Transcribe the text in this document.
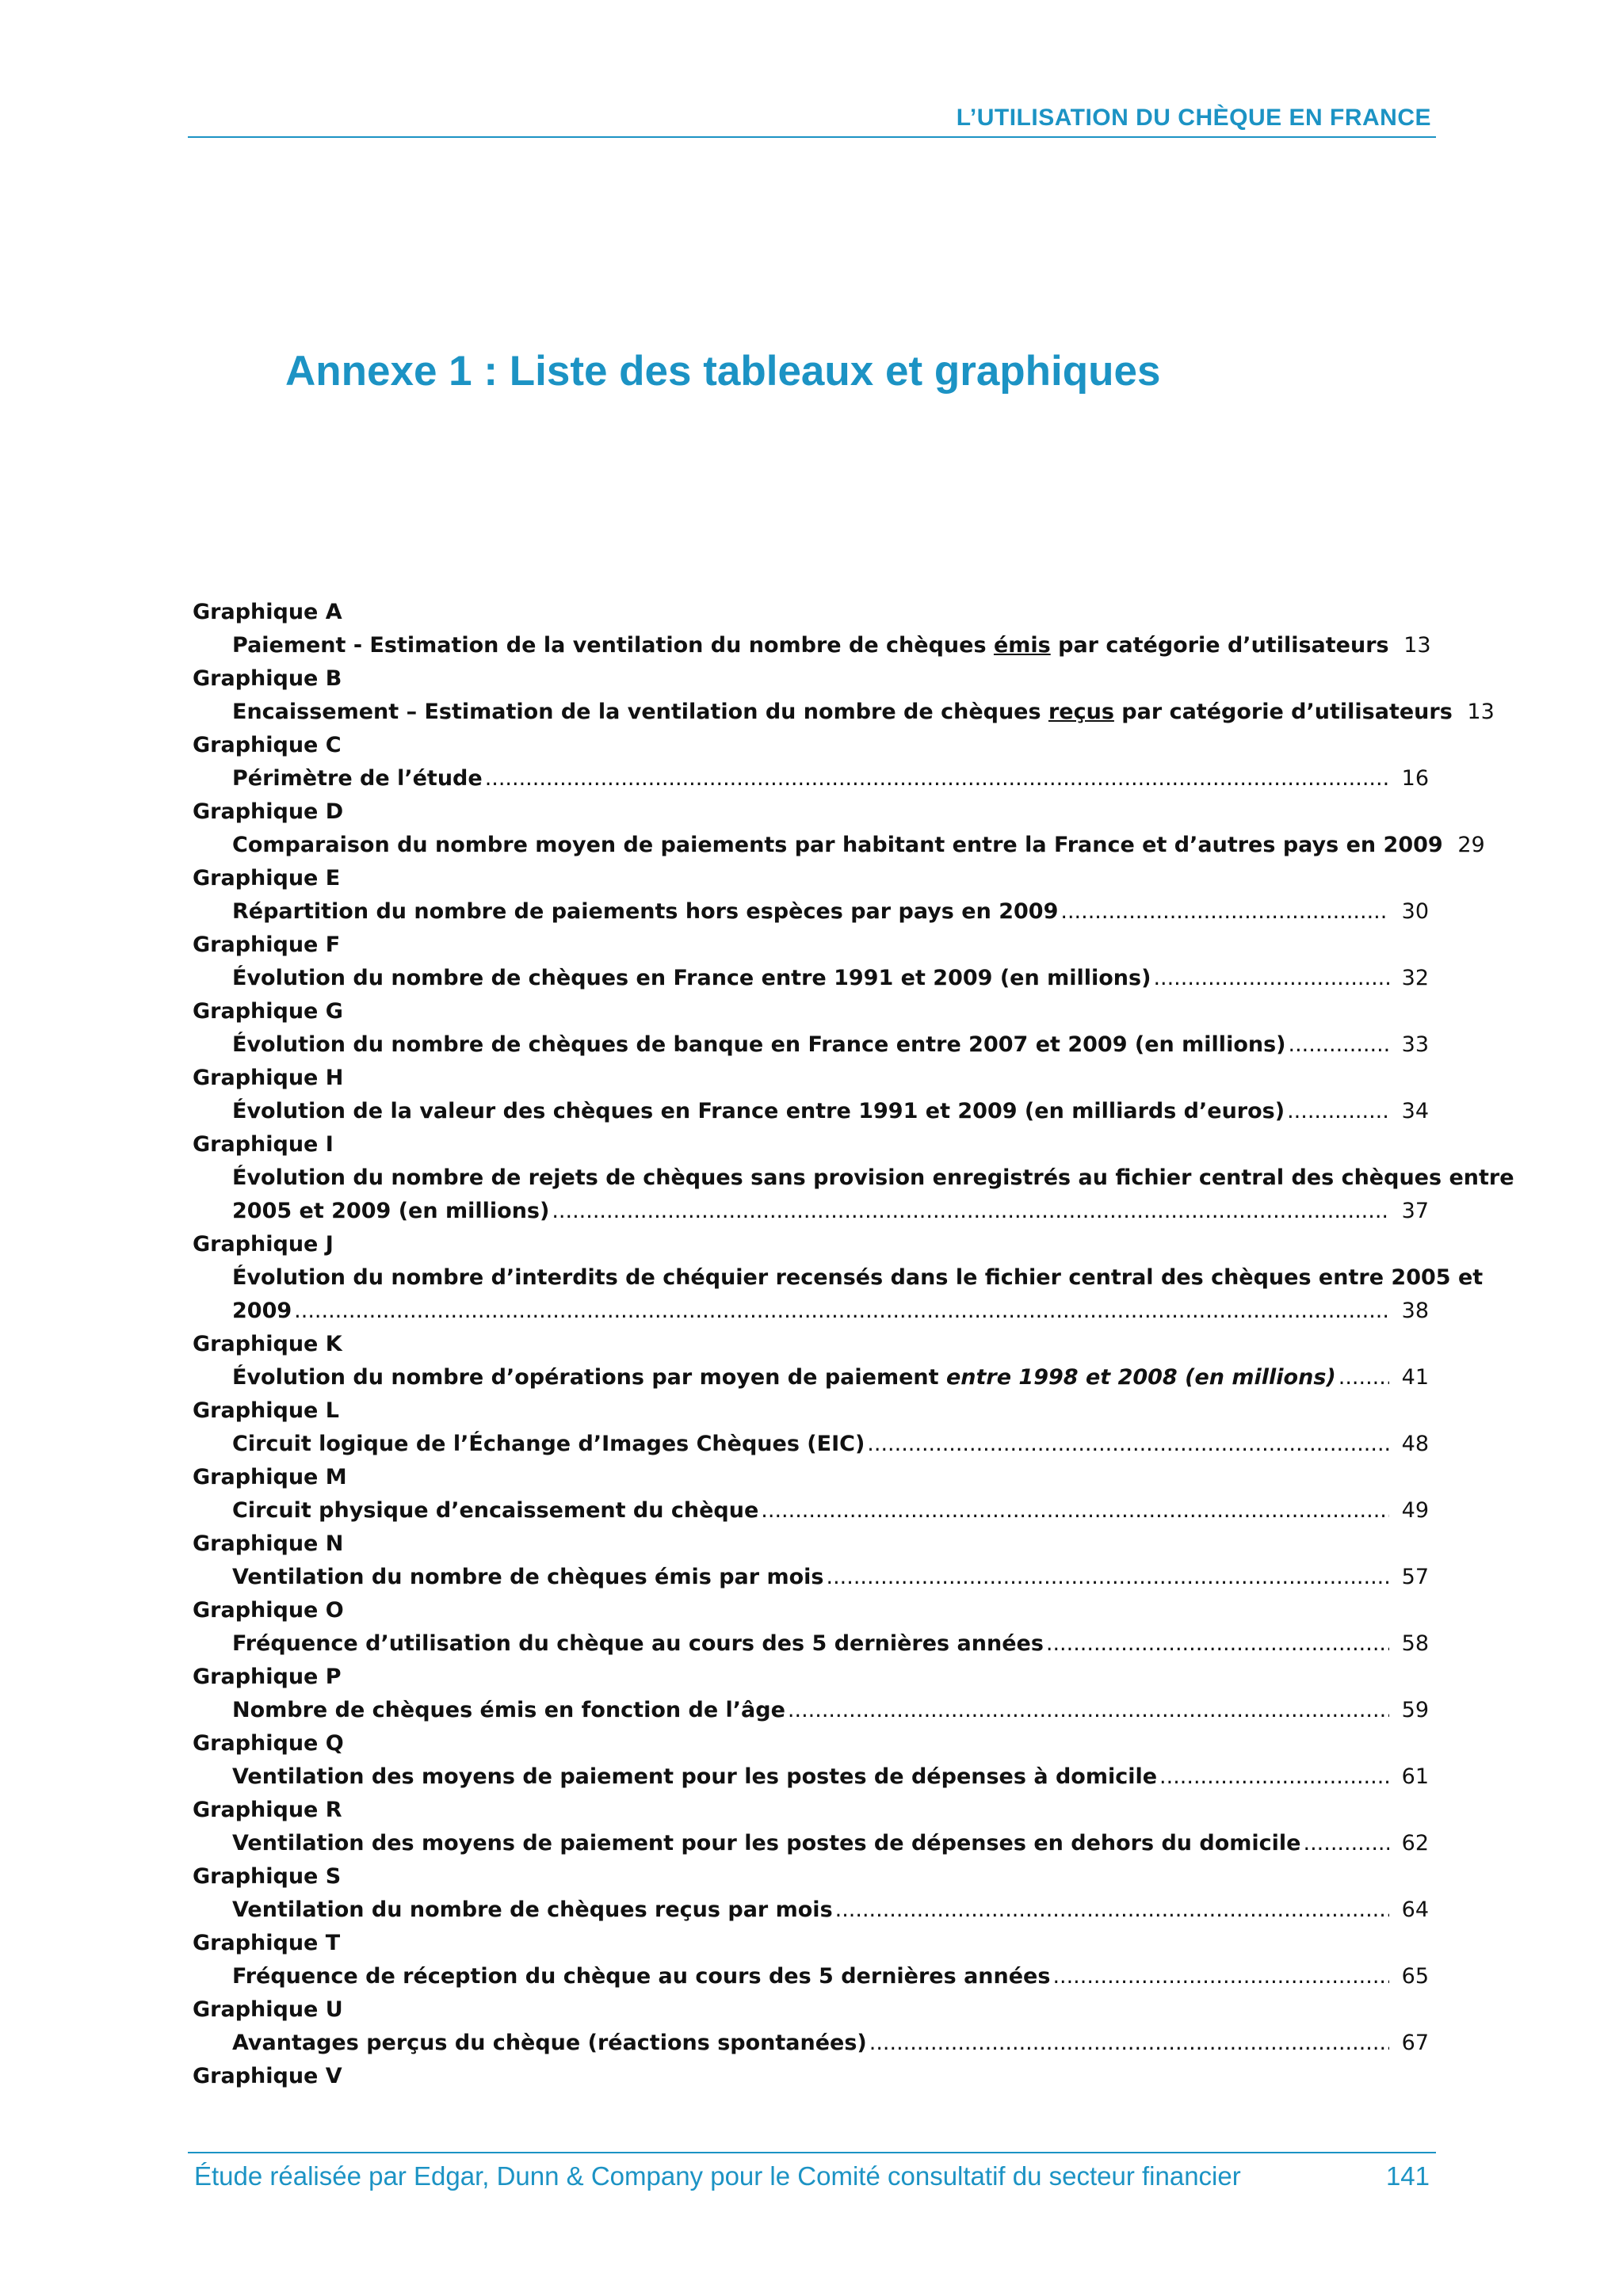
L’UTILISATION DU CHÈQUE EN FRANCE
Annexe 1 : Liste des tableaux et graphiques
Graphique A
Paiement - Estimation de la ventilation du nombre de chèques émis par catégorie d’utilisateurs 13
Graphique B
Encaissement – Estimation de la ventilation du nombre de chèques reçus par catégorie d’utilisateurs 13
Graphique C
Périmètre de l’étude .....	16
Graphique D
Comparaison du nombre moyen de paiements par habitant entre la France et d’autres pays en 2009 29
Graphique E
Répartition du nombre de paiements hors espèces par pays en 2009 .....	30
Graphique F
Évolution du nombre de chèques en France entre 1991 et 2009 (en millions) .....	32
Graphique G
Évolution du nombre de chèques de banque en France entre 2007 et 2009 (en millions) .....	33
Graphique H
Évolution de la valeur des chèques en France entre 1991 et 2009 (en milliards d’euros) .....	34
Graphique I
Évolution du nombre de rejets de chèques sans provision enregistrés au fichier central des chèques entre
2005 et 2009 (en millions) .....	37
Graphique J
Évolution du nombre d’interdits de chéquier recensés dans le fichier central des chèques entre 2005 et
2009 .....	38
Graphique K
Évolution du nombre d’opérations par moyen de paiement entre 1998 et 2008 (en millions) .....	41
Graphique L
Circuit logique de l’Échange d’Images Chèques (EIC) .....	48
Graphique M
Circuit physique d’encaissement du chèque .....	49
Graphique N
Ventilation du nombre de chèques émis par mois .....	57
Graphique O
Fréquence d’utilisation du chèque au cours des 5 dernières années .....	58
Graphique P
Nombre de chèques émis en fonction de l’âge .....	59
Graphique Q
Ventilation des moyens de paiement pour les postes de dépenses à domicile .....	61
Graphique R
Ventilation des moyens de paiement pour les postes de dépenses en dehors du domicile .....	62
Graphique S
Ventilation du nombre de chèques reçus par mois .....	64
Graphique T
Fréquence de réception du chèque au cours des 5 dernières années .....	65
Graphique U
Avantages perçus du chèque (réactions spontanées) .....	67
Graphique V
Étude réalisée par Edgar, Dunn & Company pour le Comité consultatif du secteur financier	141
